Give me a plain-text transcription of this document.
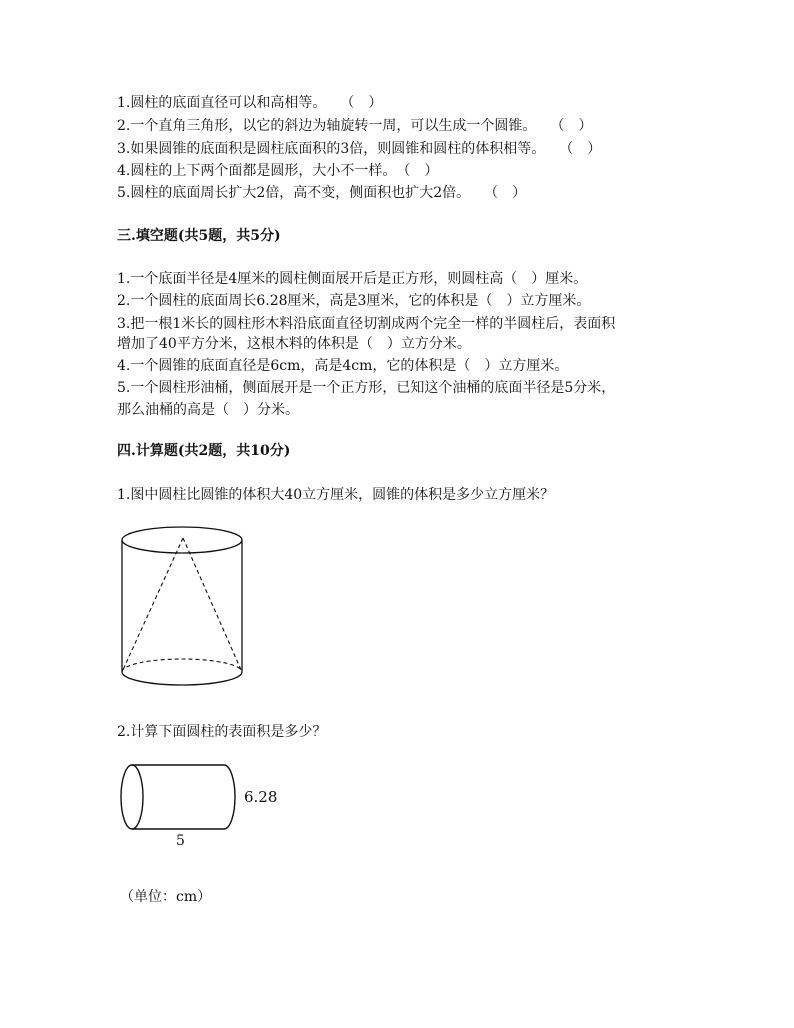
1.圆柱的底面直径可以和高相等。　　（　）
2.一个直角三角形，以它的斜边为轴旋转一周，可以生成一个圆锥。　　（　）
3.如果圆锥的底面积是圆柱底面积的3倍，则圆锥和圆柱的体积相等。　　（　）
4.圆柱的上下两个面都是圆形，大小不一样。　（　）
5.圆柱的底面周长扩大2倍，高不变，侧面积也扩大2倍。　　（　）
三.填空题(共5题，共5分)
1.一个底面半径是4厘米的圆柱侧面展开后是正方形，则圆柱高（　）厘米。
2.一个圆柱的底面周长6.28厘米，高是3厘米，它的体积是（　）立方厘米。
3.把一根1米长的圆柱形木料沿底面直径切割成两个完全一样的半圆柱后，表面积
增加了40平方分米，这根木料的体积是（　）立方分米。
4.一个圆锥的底面直径是6cm，高是4cm，它的体积是（　）立方厘米。
5.一个圆柱形油桶，侧面展开是一个正方形，已知这个油桶的底面半径是5分米，
那么油桶的高是（　）分米。
四.计算题(共2题，共10分)
1.图中圆柱比圆锥的体积大40立方厘米，圆锥的体积是多少立方厘米？
2.计算下面圆柱的表面积是多少？
6.28
5
（单位：cm）
